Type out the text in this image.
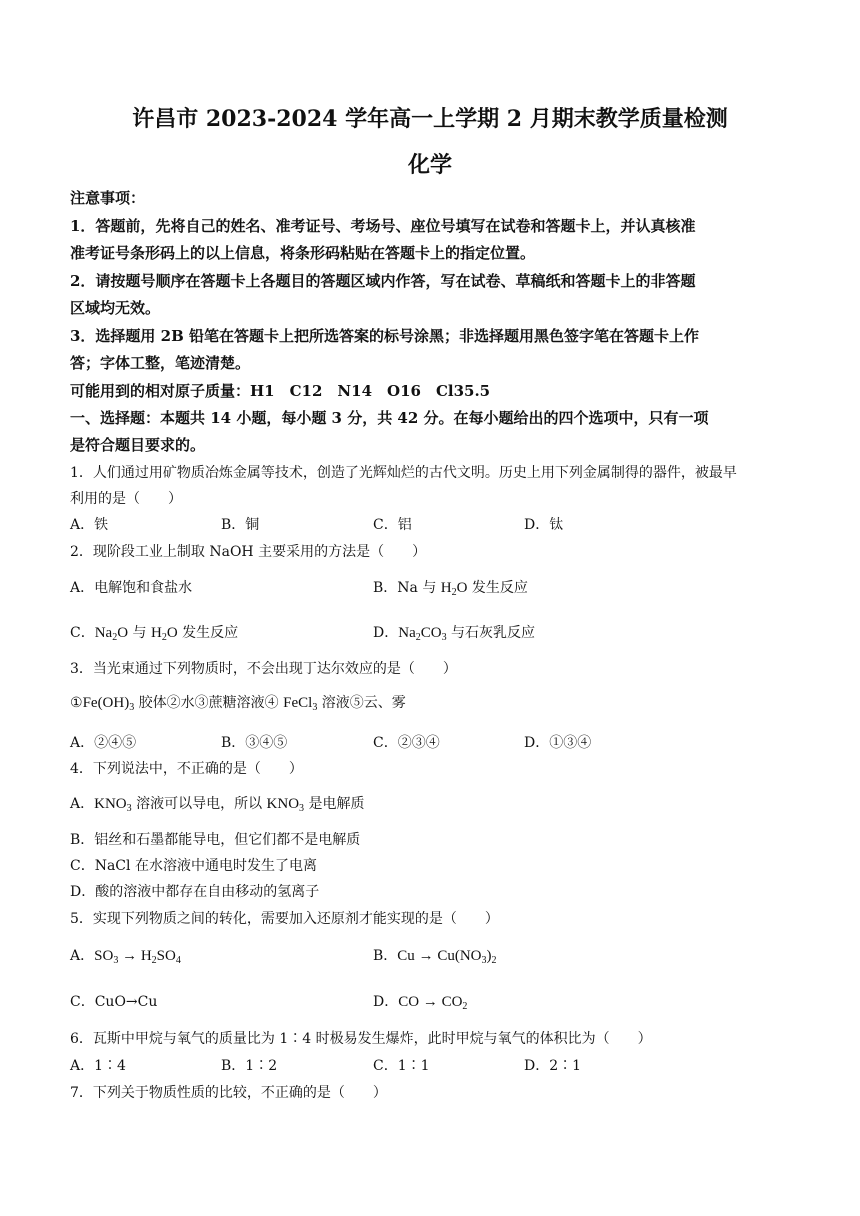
许昌市 2023-2024 学年高一上学期 2 月期末教学质量检测
化学
注意事项：
1．答题前，先将自己的姓名、准考证号、考场号、座位号填写在试卷和答题卡上，并认真核准
准考证号条形码上的以上信息，将条形码粘贴在答题卡上的指定位置。
2．请按题号顺序在答题卡上各题目的答题区域内作答，写在试卷、草稿纸和答题卡上的非答题
区域均无效。
3．选择题用 2B 铅笔在答题卡上把所选答案的标号涂黑；非选择题用黑色签字笔在答题卡上作
答；字体工整，笔迹清楚。
可能用到的相对原子质量：H1　C12　N14　O16　Cl35.5
一、选择题：本题共 14 小题，每小题 3 分，共 42 分。在每小题给出的四个选项中，只有一项
是符合题目要求的。
1．人们通过用矿物质冶炼金属等技术，创造了光辉灿烂的古代文明。历史上用下列金属制得的器件，被最早
利用的是（　　）
A．铁	B．铜	C．铝	D．钛
2．现阶段工业上制取 NaOH 主要采用的方法是（　　）
A．电解饱和食盐水	B．Na 与 $H_2O$ 发生反应
C．$Na_2O$ 与 $H_2O$ 发生反应	D．$Na_2CO_3$ 与石灰乳反应
3．当光束通过下列物质时，不会出现丁达尔效应的是（　　）
$①Fe(OH)_3$ 胶体②水③蔗糖溶液④ FeCl$_3$ 溶液⑤云、雾
A．②④⑤	B．③④⑤	C．②③④	D．①③④
4．下列说法中，不正确的是（　　）
A．$KNO_3$ 溶液可以导电，所以 $KNO_3$ 是电解质
B．铝丝和石墨都能导电，但它们都不是电解质
C．NaCl 在水溶液中通电时发生了电离
D．酸的溶液中都存在自由移动的氢离子
5．实现下列物质之间的转化，需要加入还原剂才能实现的是（　　）
A．$SO_3 \to H_2SO_4$	B．$Cu \to Cu(NO_3)_2$
C．CuO→Cu	D．CO → $CO_2$
6．瓦斯中甲烷与氧气的质量比为 1∶4 时极易发生爆炸，此时甲烷与氧气的体积比为（　　）
A．1∶4	B．1∶2	C．1∶1	D．2∶1
7．下列关于物质性质的比较，不正确的是（　　）
